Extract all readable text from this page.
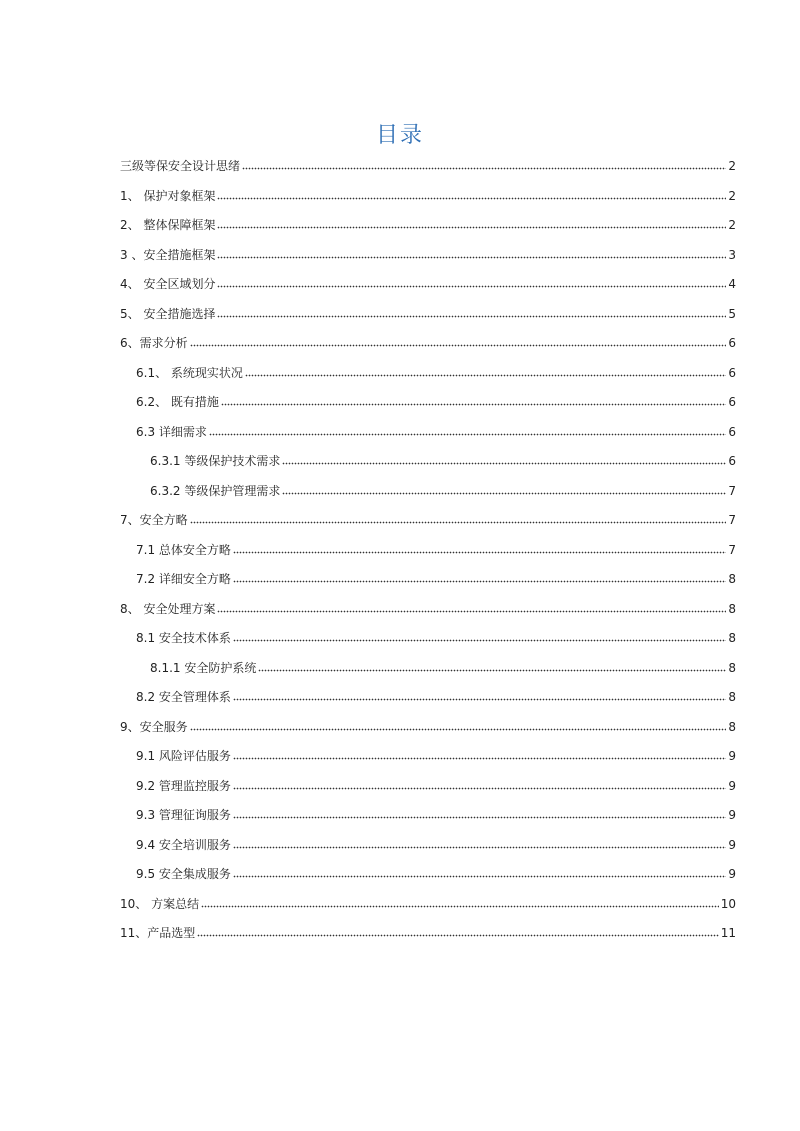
目录
三级等保安全设计思绪	2
1、 保护对象框架	2
2、 整体保障框架	2
3 、安全措施框架	3
4、 安全区域划分	4
5、 安全措施选择	5
6、需求分析	6
6.1、 系统现实状况	6
6.2、 既有措施	6
6.3 详细需求	6
6.3.1 等级保护技术需求	6
6.3.2 等级保护管理需求	7
7、安全方略	7
7.1 总体安全方略	7
7.2 详细安全方略	8
8、 安全处理方案	8
8.1 安全技术体系	8
8.1.1 安全防护系统	8
8.2 安全管理体系	8
9、安全服务	8
9.1 风险评估服务	9
9.2 管理监控服务	9
9.3 管理征询服务	9
9.4 安全培训服务	9
9.5 安全集成服务	9
10、 方案总结	10
11、产品选型	11
